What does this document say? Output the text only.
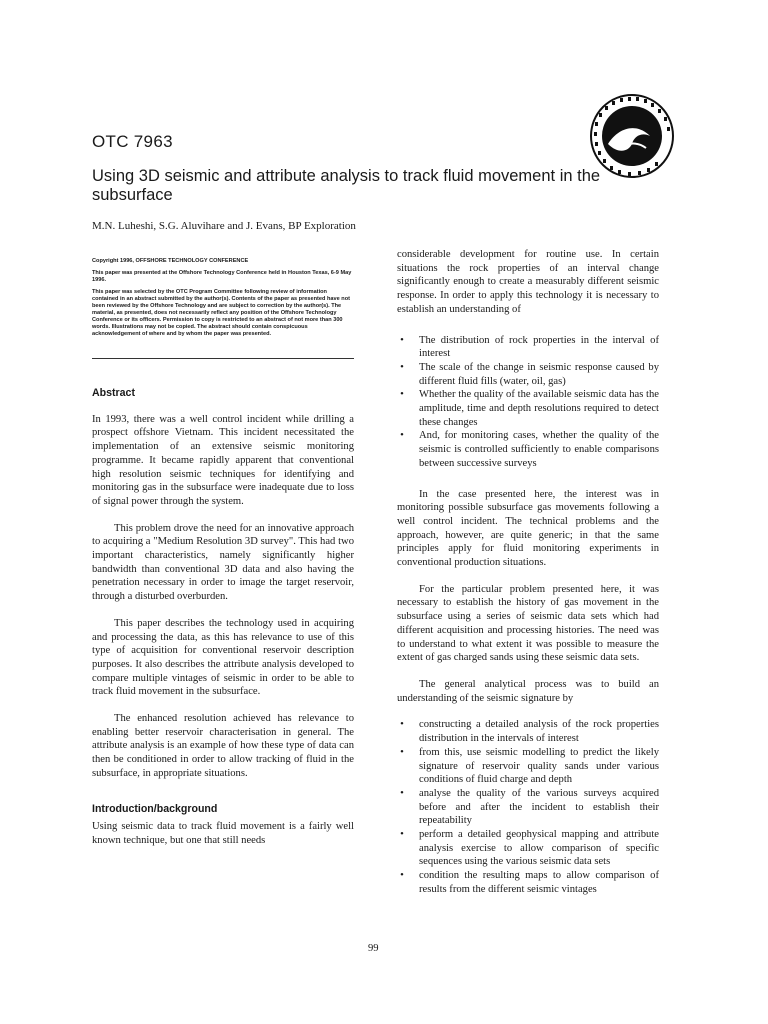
OTC 7963
Using 3D seismic and attribute analysis to track fluid movement in the subsurface
M.N. Luheshi, S.G. Aluvihare and J. Evans, BP Exploration

Copyright 1996, OFFSHORE TECHNOLOGY CONFERENCE

This paper was presented at the Offshore Technology Conference held in Houston Texas, 6-9 May 1996.

This paper was selected by the OTC Program Committee following review of information contained in an abstract submitted by the author(s). Contents of the paper as presented have not been reviewed by the Offshore Technology and are subject to correction by the author(s). The material, as presented, does not necessarily reflect any position of the Offshore Technology Conference or its officers. Permission to copy is restricted to an abstract of not more than 300 words. Illustrations may not be copied. The abstract should contain conspicuous acknowledgement of where and by whom the paper was presented.

Abstract

In 1993, there was a well control incident while drilling a prospect offshore Vietnam. This incident necessitated the implementation of an extensive seismic monitoring programme. It became rapidly apparent that conventional high resolution seismic techniques for identifying and monitoring gas in the subsurface were inadequate due to loss of signal power through the system.

This problem drove the need for an innovative approach to acquiring a "Medium Resolution 3D survey". This had two important characteristics, namely significantly higher bandwidth than conventional 3D data and also having the penetration necessary in order to image the target reservoir, through a disturbed overburden.

This paper describes the technology used in acquiring and processing the data, as this has relevance to use of this type of acquisition for conventional reservoir description purposes. It also describes the attribute analysis developed to compare multiple vintages of seismic in order to be able to track fluid movement in the subsurface.

The enhanced resolution achieved has relevance to enabling better reservoir characterisation in general. The attribute analysis is an example of how these type of data can then be conditioned in order to allow tracking of fluid in the subsurface, in appropriate situations.

Introduction/background

Using seismic data to track fluid movement is a fairly well known technique, but one that still needs

considerable development for routine use. In certain situations the rock properties of an interval change significantly enough to create a measurably different seismic response. In order to apply this technology it is necessary to establish an understanding of

• The distribution of rock properties in the interval of interest
• The scale of the change in seismic response caused by different fluid fills (water, oil, gas)
• Whether the quality of the available seismic data has the amplitude, time and depth resolutions required to detect these changes
• And, for monitoring cases, whether the quality of the seismic is controlled sufficiently to enable comparisons between successive surveys

In the case presented here, the interest was in monitoring possible subsurface gas movements following a well control incident. The technical problems and the approach, however, are quite generic; in that the same principles apply for fluid monitoring experiments in conventional production situations.

For the particular problem presented here, it was necessary to establish the history of gas movement in the subsurface using a series of seismic data sets which had different acquisition and processing histories. The need was to understand to what extent it was possible to measure the extent of gas charged sands using these seismic data sets.

The general analytical process was to build an understanding of the seismic signature by

• constructing a detailed analysis of the rock properties distribution in the intervals of interest
• from this, use seismic modelling to predict the likely signature of reservoir quality sands under various conditions of fluid charge and depth
• analyse the quality of the various surveys acquired before and after the incident to establish their repeatability
• perform a detailed geophysical mapping and attribute analysis exercise to allow comparison of specific sequences using the various seismic data sets
• condition the resulting maps to allow comparison of results from the different seismic vintages
99
